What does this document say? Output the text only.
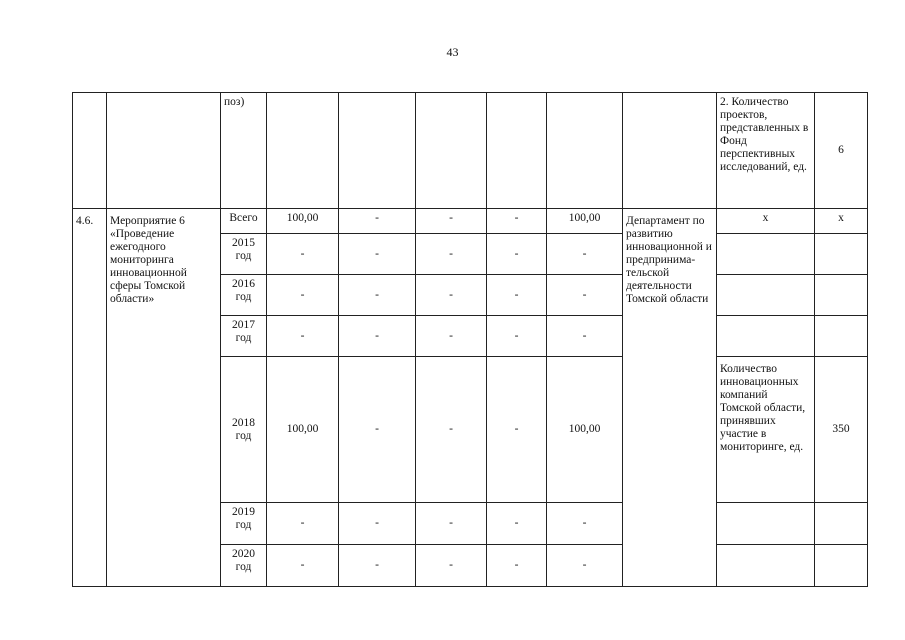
43
		поз)							2. Количество проектов, представленных в Фонд перспективных исследований, ед.	6
4.6.	Мероприятие 6 «Проведение ежегодного мониторинга инновационной сферы Томской области»	Всего	100,00	-	-	-	100,00	Департамент по развитию инновационной и предпринима-тельской деятельности Томской области	x	x
		2015 год	-	-	-	-	-			
		2016 год	-	-	-	-	-			
		2017 год	-	-	-	-	-			
		2018 год	100,00	-	-	-	100,00		Количество инновационных компаний Томской области, принявших участие в мониторинге, ед.	350
		2019 год	-	-	-	-	-			
		2020 год	-	-	-	-	-			
